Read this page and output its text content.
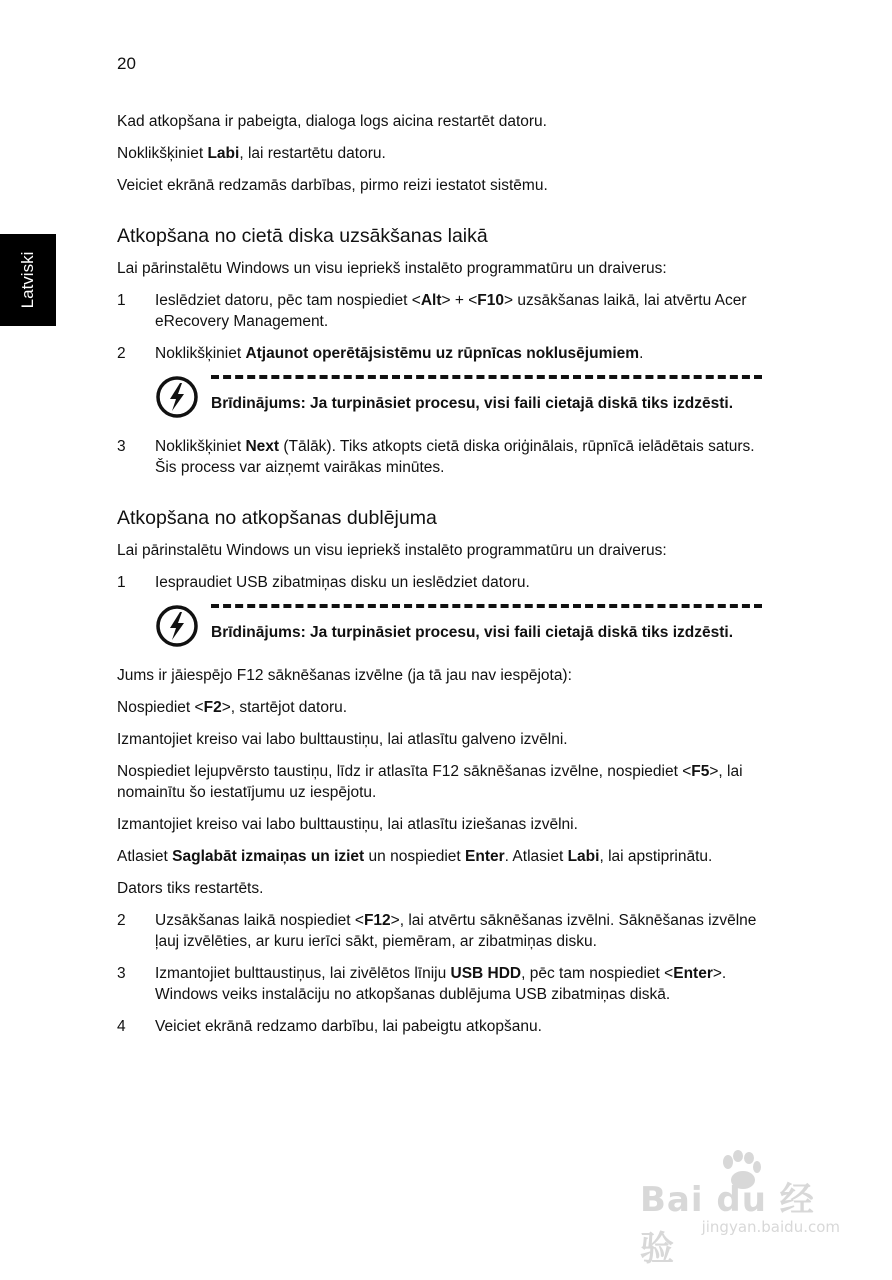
20
Latviski

Kad atkopšana ir pabeigta, dialoga logs aicina restartēt datoru.

Noklikšķiniet Labi, lai restartētu datoru.

Veiciet ekrānā redzamās darbības, pirmo reizi iestatot sistēmu.

Atkopšana no cietā diska uzsākšanas laikā

Lai pārinstalētu Windows un visu iepriekš instalēto programmatūru un draiverus:

1 Ieslēdziet datoru, pēc tam nospiediet <Alt> + <F10> uzsākšanas laikā, lai atvērtu Acer eRecovery Management.
2 Noklikšķiniet Atjaunot operētājsistēmu uz rūpnīcas noklusējumiem.
Brīdinājums: Ja turpināsiet procesu, visi faili cietajā diskā tiks izdzēsti.
3 Noklikšķiniet Next (Tālāk). Tiks atkopts cietā diska oriģinālais, rūpnīcā ielādētais saturs. Šis process var aizņemt vairākas minūtes.
Atkopšana no atkopšanas dublējuma

Lai pārinstalētu Windows un visu iepriekš instalēto programmatūru un draiverus:

1 Iespraudiet USB zibatmiņas disku un ieslēdziet datoru.
Brīdinājums: Ja turpināsiet procesu, visi faili cietajā diskā tiks izdzēsti.

Jums ir jāiespējo F12 sāknēšanas izvēlne (ja tā jau nav iespējota):

Nospiediet <F2>, startējot datoru.

Izmantojiet kreiso vai labo bulttaustiņu, lai atlasītu galveno izvēlni.

Nospiediet lejupvērsto taustiņu, līdz ir atlasīta F12 sāknēšanas izvēlne, nospiediet <F5>, lai nomainītu šo iestatījumu uz iespējotu.

Izmantojiet kreiso vai labo bulttaustiņu, lai atlasītu iziešanas izvēlni.

Atlasiet Saglabāt izmaiņas un iziet un nospiediet Enter. Atlasiet Labi, lai apstiprinātu.

Dators tiks restartēts.

2 Uzsākšanas laikā nospiediet <F12>, lai atvērtu sāknēšanas izvēlni. Sāknēšanas izvēlne ļauj izvēlēties, ar kuru ierīci sākt, piemēram, ar zibatmiņas disku.
3 Izmantojiet bulttaustiņus, lai zivēlētos līniju USB HDD, pēc tam nospiediet <Enter>. Windows veiks instalāciju no atkopšanas dublējuma USB zibatmiņas diskā.
4 Veiciet ekrānā redzamo darbību, lai pabeigtu atkopšanu.
Bai du 经验
jingyan.baidu.com
